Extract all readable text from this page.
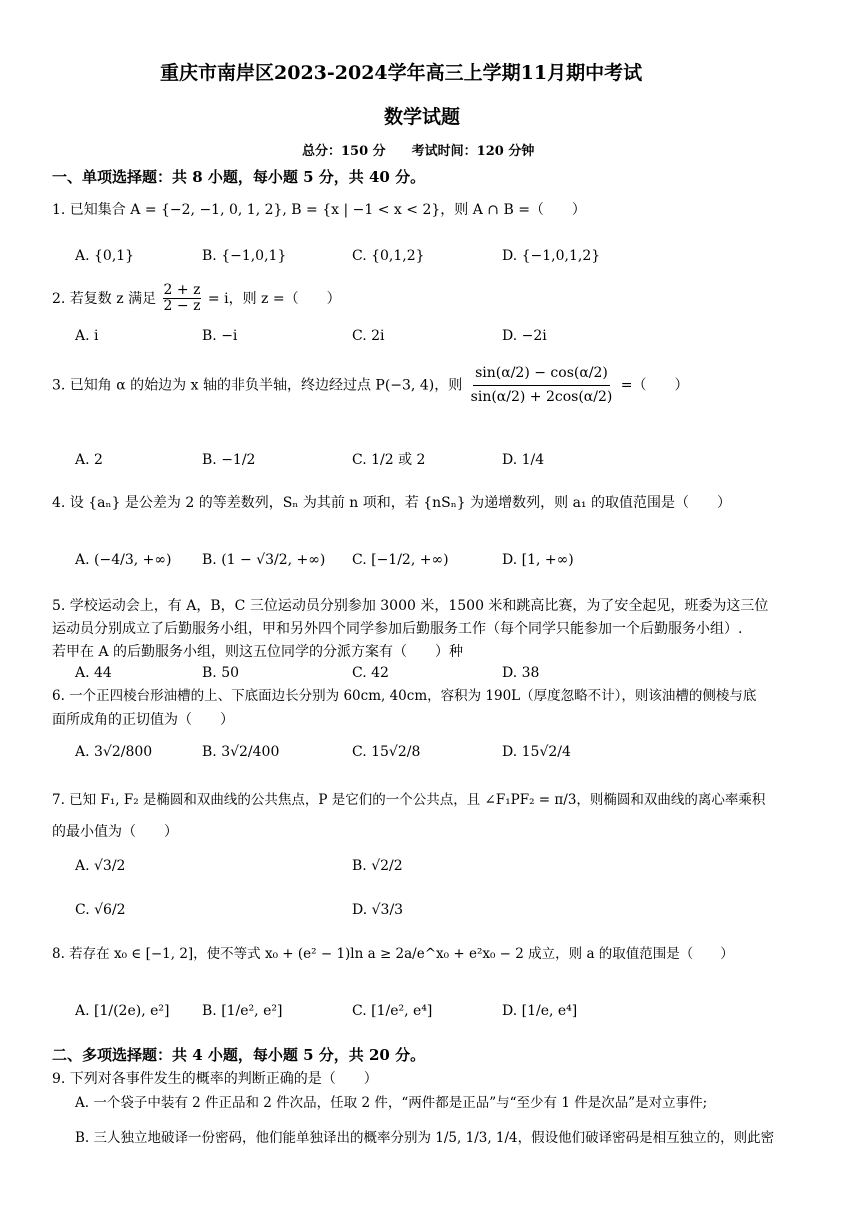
重庆市南岸区2023-2024学年高三上学期11月期中考试
数学试题
总分：150 分　　考试时间：120 分钟
一、单项选择题：共 8 小题，每小题 5 分，共 40 分。
1. 已知集合 A = {−2, −1, 0, 1, 2}, B = {x | −1 < x < 2}，则 A ∩ B =（　　）
A. {0,1}	B. {−1,0,1}	C. {0,1,2}	D. {−1,0,1,2}
2. 若复数 z 满足 $\frac{2 + z}{2 - z} = i$，则 z =（　　）
A. i	B. −i	C. 2i	D. −2i
3. 已知角 α 的始边为 x 轴的非负半轴，终边经过点 P(−3, 4)，则 $\frac{\sin(\alpha/2) - \cos(\alpha/2)}{\sin(\alpha/2) + 2\cos(\alpha/2)}$ =（　　）
A. 2	B. −1/2	C. 1/2 或 2	D. 1/4
4. 设 {aₙ} 是公差为 2 的等差数列，Sₙ 为其前 n 项和，若 {nSₙ} 为递增数列，则 a₁ 的取值范围是（　　）
A. (−4/3, +∞) B. (1 − √3/2, +∞) C. [−1/2, +∞)	D. [1, +∞)
5. 学校运动会上，有 A，B，C 三位运动员分别参加 3000 米，1500 米和跳高比赛，为了安全起见，班委为这三位
运动员分别成立了后勤服务小组，甲和另外四个同学参加后勤服务工作（每个同学只能参加一个后勤服务小组）.
若甲在 A 的后勤服务小组，则这五位同学的分派方案有（　　）种
A. 44	B. 50	C. 42	D. 38
6. 一个正四棱台形油槽的上、下底面边长分别为 60cm, 40cm，容积为 190L（厚度忽略不计），则该油槽的侧棱与底
面所成角的正切值为（　　）
A. 3√2/800	B. 3√2/400	C. 15√2/8	D. 15√2/4
7. 已知 F₁, F₂ 是椭圆和双曲线的公共焦点，P 是它们的一个公共点，且 ∠F₁PF₂ = π/3，则椭圆和双曲线的离心率乘积
的最小值为（　　）
A. √3/2	B. √2/2
C. √6/2	D. √3/3
8. 若存在 x₀ ∈ [−1, 2]，使不等式 x₀ + (e² − 1)ln a ≥ 2a/e^x₀ + e²x₀ − 2 成立，则 a 的取值范围是（　　）
A. [1/(2e), e²] B. [1/e², e²]	C. [1/e², e⁴]	D. [1/e, e⁴]
二、多项选择题：共 4 小题，每小题 5 分，共 20 分。
9. 下列对各事件发生的概率的判断正确的是（　　）
A. 一个袋子中装有 2 件正品和 2 件次品，任取 2 件，“两件都是正品”与“至少有 1 件是次品”是对立事件;
B. 三人独立地破译一份密码，他们能单独译出的概率分别为 1/5, 1/3, 1/4，假设他们破译密码是相互独立的，则此密
